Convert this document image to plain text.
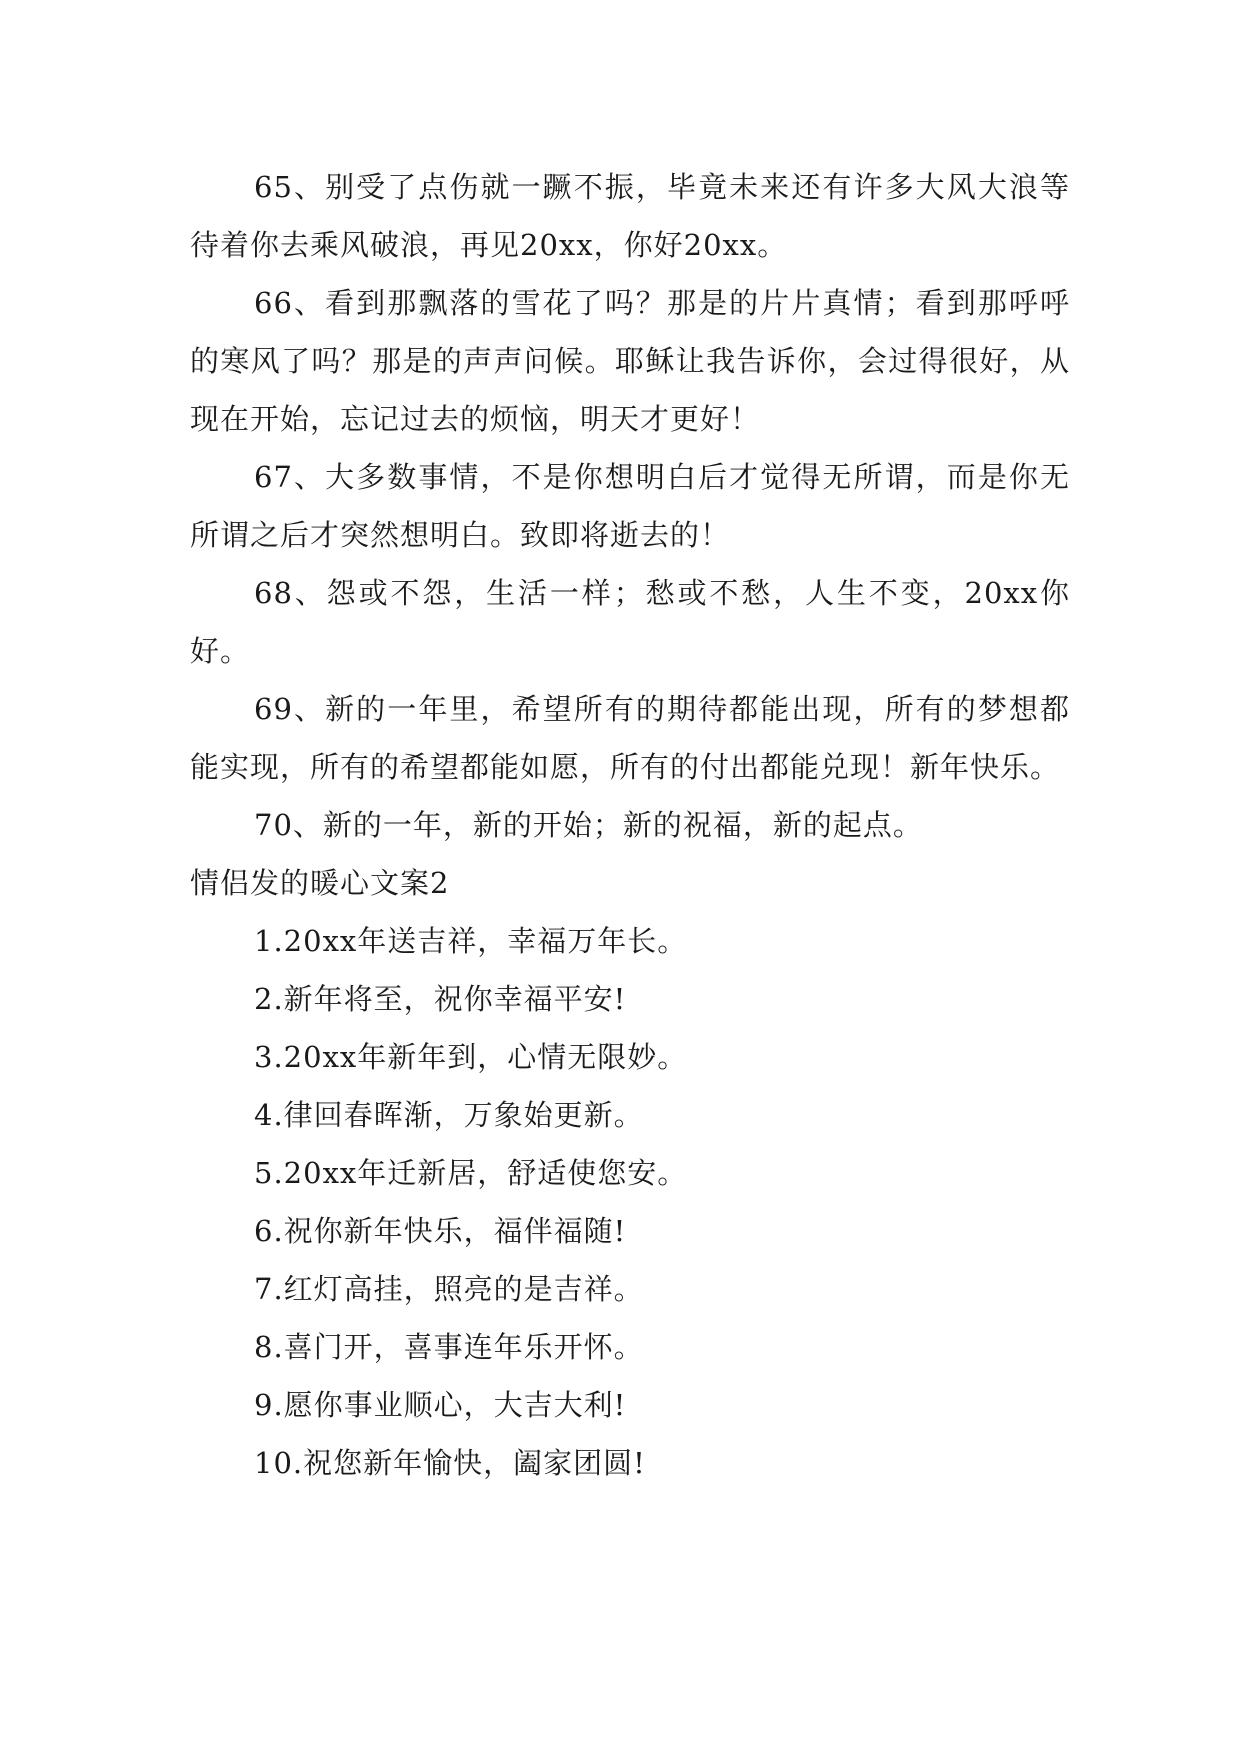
65、别受了点伤就一蹶不振，毕竟未来还有许多大风大浪等待着你去乘风破浪，再见20xx，你好20xx。

66、看到那飘落的雪花了吗？那是的片片真情；看到那呼呼的寒风了吗？那是的声声问候。耶稣让我告诉你，会过得很好，从现在开始，忘记过去的烦恼，明天才更好！

67、大多数事情，不是你想明白后才觉得无所谓，而是你无所谓之后才突然想明白。致即将逝去的！

68、怨或不怨，生活一样；愁或不愁，人生不变，20xx你好。

69、新的一年里，希望所有的期待都能出现，所有的梦想都能实现，所有的希望都能如愿，所有的付出都能兑现！新年快乐。

70、新的一年，新的开始；新的祝福，新的起点。

情侣发的暖心文案2

1.20xx年送吉祥，幸福万年长。

2.新年将至，祝你幸福平安!

3.20xx年新年到，心情无限妙。

4.律回春晖渐，万象始更新。

5.20xx年迁新居，舒适使您安。

6.祝你新年快乐，福伴福随!

7.红灯高挂，照亮的是吉祥。

8.喜门开，喜事连年乐开怀。

9.愿你事业顺心，大吉大利!

10.祝您新年愉快，阖家团圆!
